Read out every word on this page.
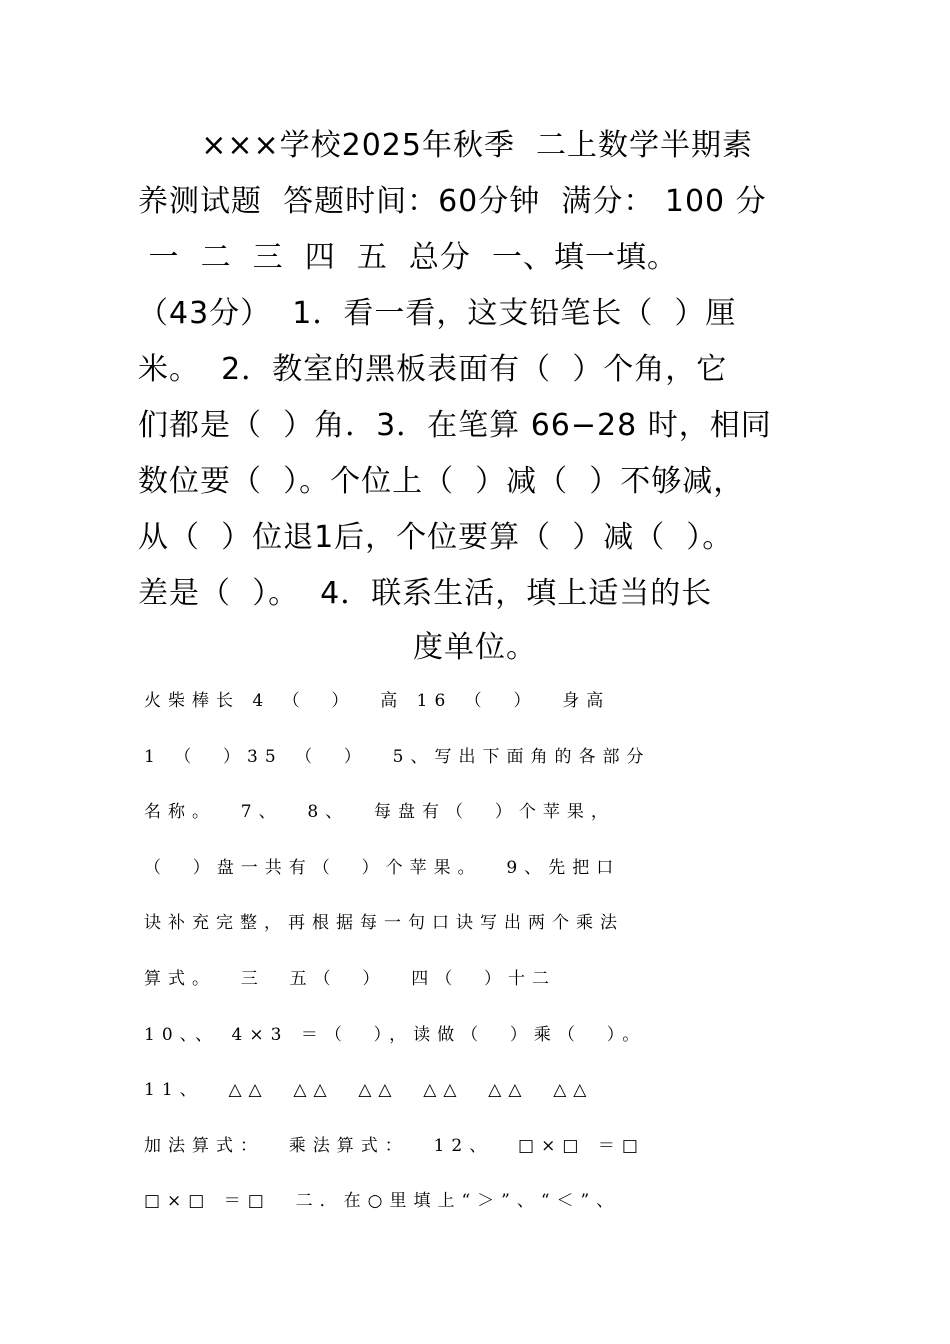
×××学校2025年秋季  二上数学半期素
养测试题  答题时间：60分钟  满分： 100 分
一  二  三  四  五  总分  一、填一填。
（43分）  1．看一看，这支铅笔长（  ）厘
米。  2．教室的黑板表面有（  ）个角，它
们都是（  ）角．3．在笔算 66−28 时，相同
数位要（  ）。个位上（  ）减（  ）不够减，
从（  ）位退1后，个位要算（  ）减（  ）。
差是（  ）。  4．联系生活，填上适当的长
度单位。
火柴棒长 4 （  ）  高 16 （  ）  身高
1 （  ）35 （  ）  5、写出下面角的各部分
名称。  7、  8、  每盘有（  ）个苹果，
（  ）盘一共有（  ）个苹果。  9、先把口
诀补充完整，再根据每一句口诀写出两个乘法
算式。  三  五（  ）  四（  ）十二
10、、 4×3 ＝（  ），读做（  ）乘（  ）。
11、  △△  △△  △△  △△  △△  △△
加法算式：  乘法算式：  12、  □×□ ＝□
□×□ ＝□  二．在○里填上“＞”、“＜”、
